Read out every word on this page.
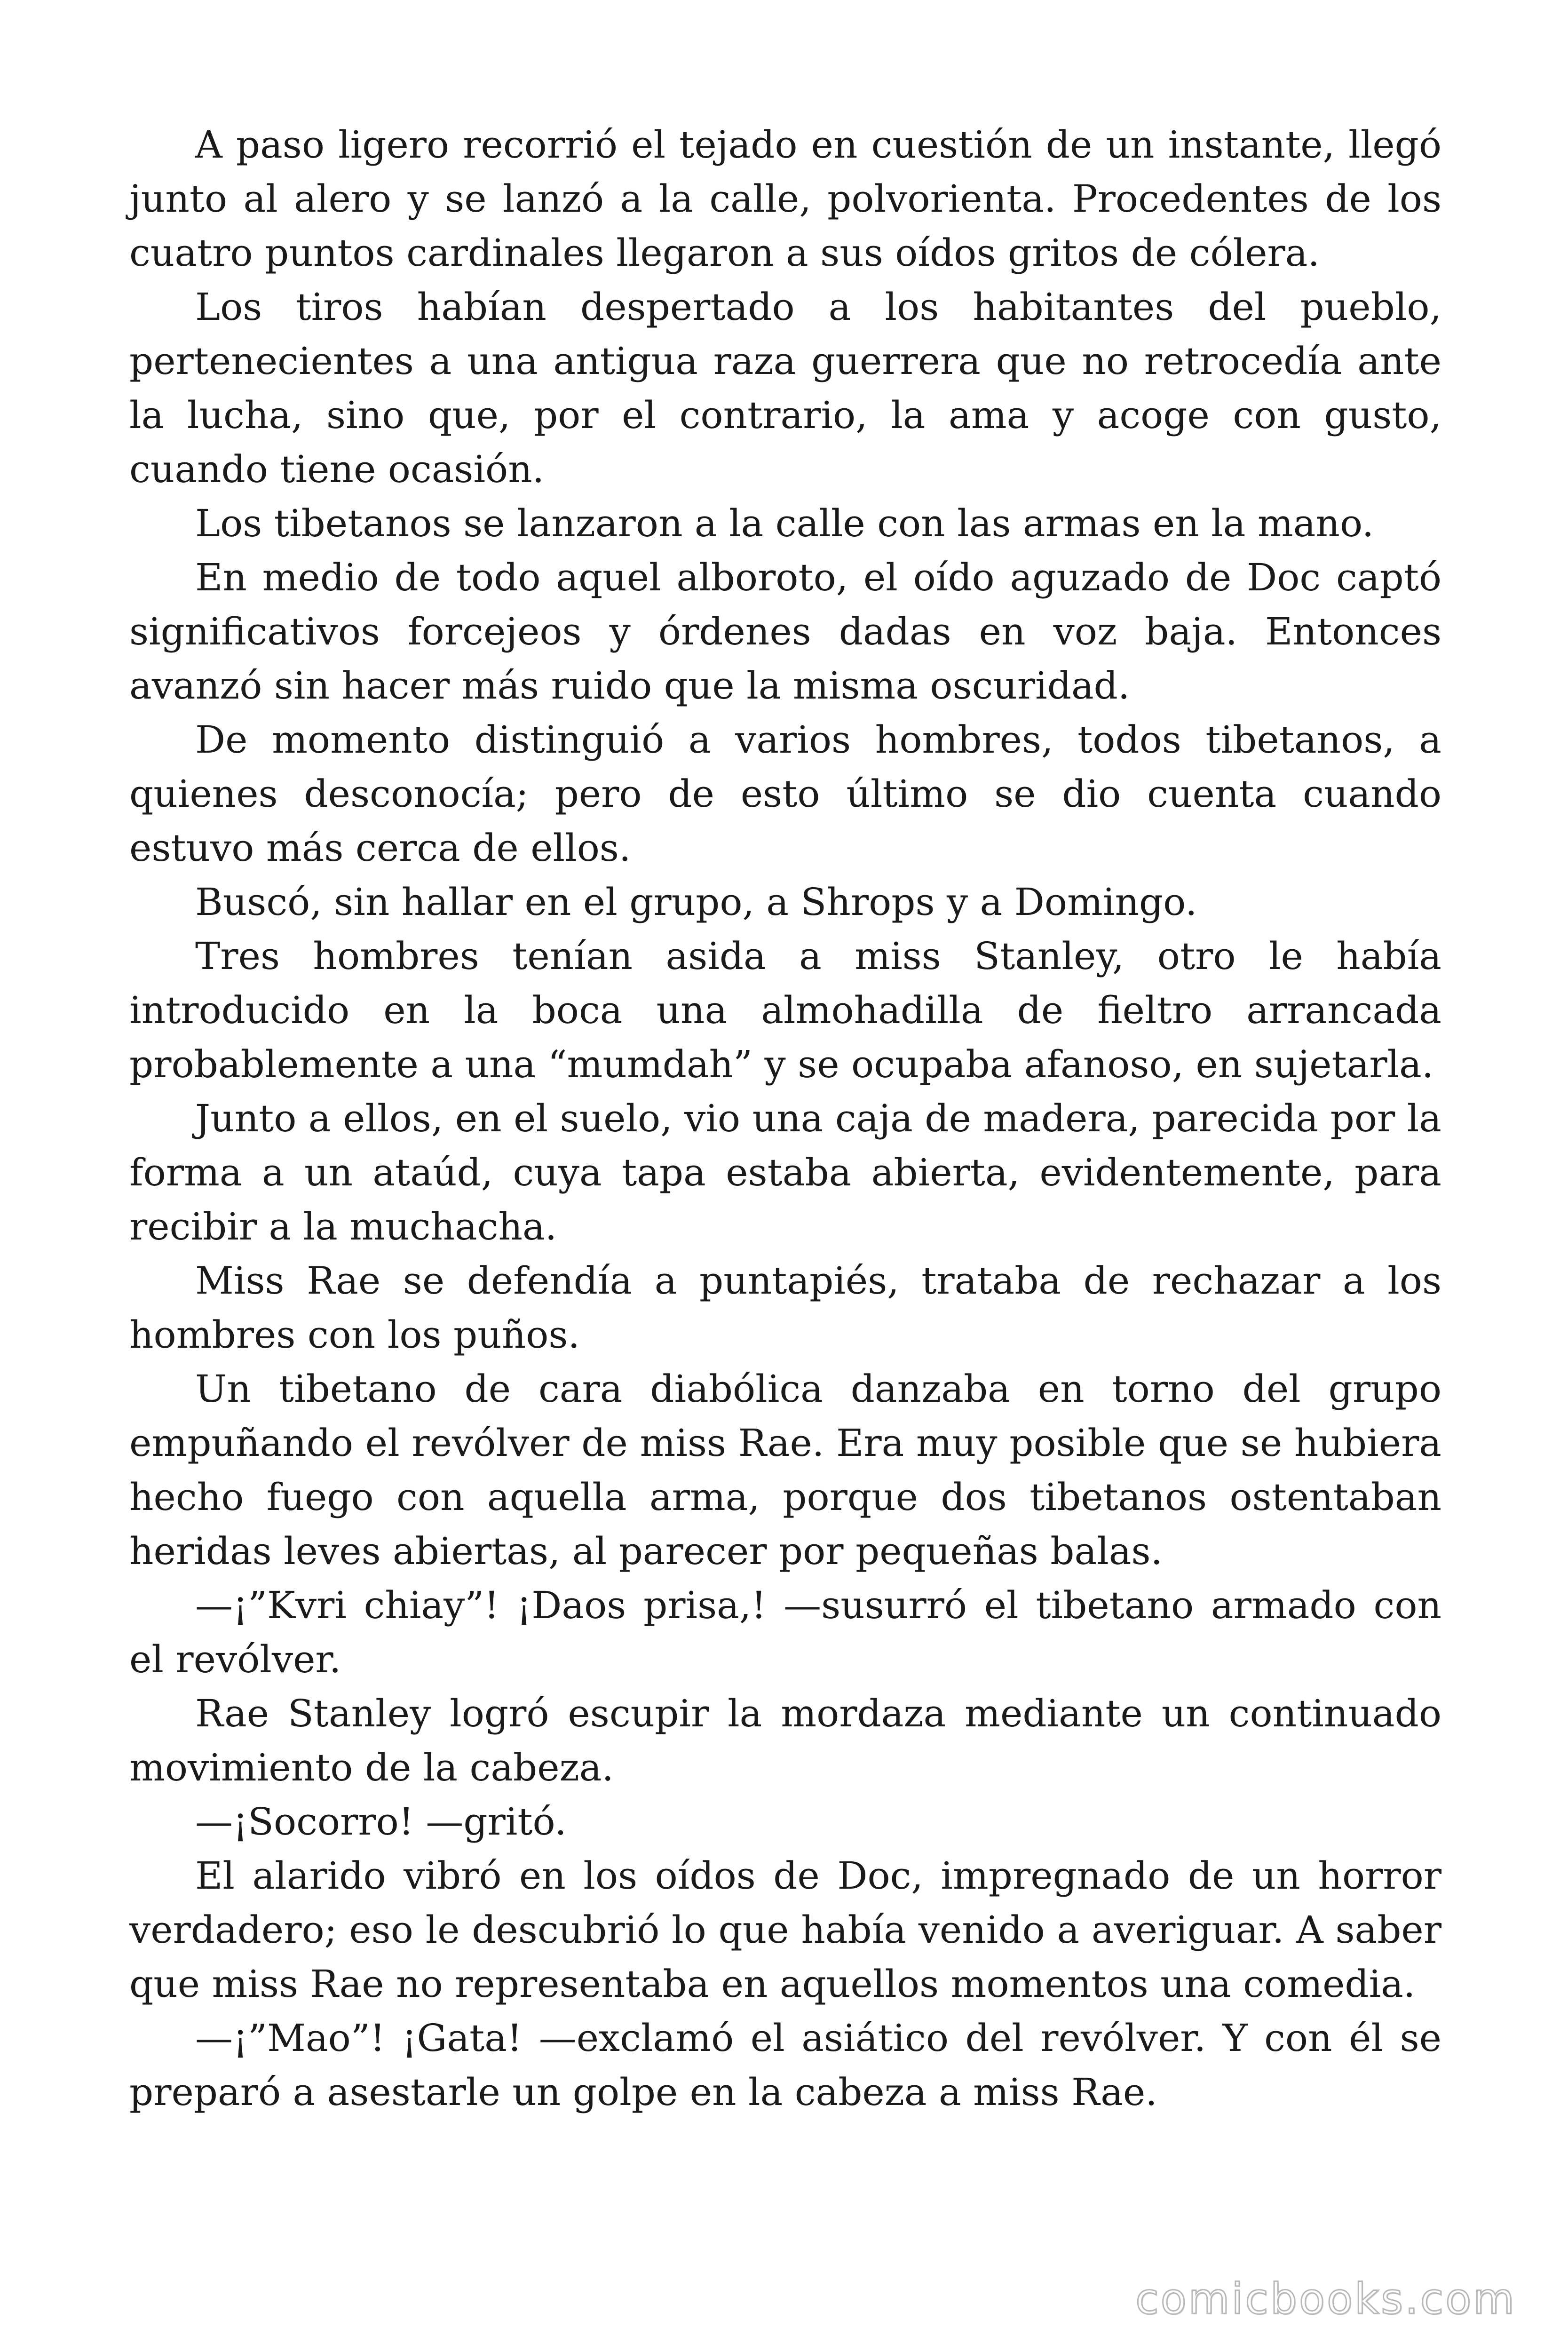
A paso ligero recorrió el tejado en cuestión de un instante, llegó junto al alero y se lanzó a la calle, polvorienta. Procedentes de los cuatro puntos cardinales llegaron a sus oídos gritos de cólera.

Los tiros habían despertado a los habitantes del pueblo, pertenecientes a una antigua raza guerrera que no retrocedía ante la lucha, sino que, por el contrario, la ama y acoge con gusto, cuando tiene ocasión.

Los tibetanos se lanzaron a la calle con las armas en la mano.

En medio de todo aquel alboroto, el oído aguzado de Doc captó significativos forcejeos y órdenes dadas en voz baja. Entonces avanzó sin hacer más ruido que la misma oscuridad.

De momento distinguió a varios hombres, todos tibetanos, a quienes desconocía; pero de esto último se dio cuenta cuando estuvo más cerca de ellos.

Buscó, sin hallar en el grupo, a Shrops y a Domingo.

Tres hombres tenían asida a miss Stanley, otro le había introducido en la boca una almohadilla de fieltro arrancada probablemente a una “mumdah” y se ocupaba afanoso, en sujetarla.

Junto a ellos, en el suelo, vio una caja de madera, parecida por la forma a un ataúd, cuya tapa estaba abierta, evidentemente, para recibir a la muchacha.

Miss Rae se defendía a puntapiés, trataba de rechazar a los hombres con los puños.

Un tibetano de cara diabólica danzaba en torno del grupo empuñando el revólver de miss Rae. Era muy posible que se hubiera hecho fuego con aquella arma, porque dos tibetanos ostentaban heridas leves abiertas, al parecer por pequeñas balas.

—¡”Kvri chiay”! ¡Daos prisa,! —susurró el tibetano armado con el revólver.

Rae Stanley logró escupir la mordaza mediante un continuado movimiento de la cabeza.

—¡Socorro! —gritó.

El alarido vibró en los oídos de Doc, impregnado de un horror verdadero; eso le descubrió lo que había venido a averiguar. A saber que miss Rae no representaba en aquellos momentos una comedia.

—¡”Mao”! ¡Gata! —exclamó el asiático del revólver. Y con él se preparó a asestarle un golpe en la cabeza a miss Rae.

comicbooks.com
